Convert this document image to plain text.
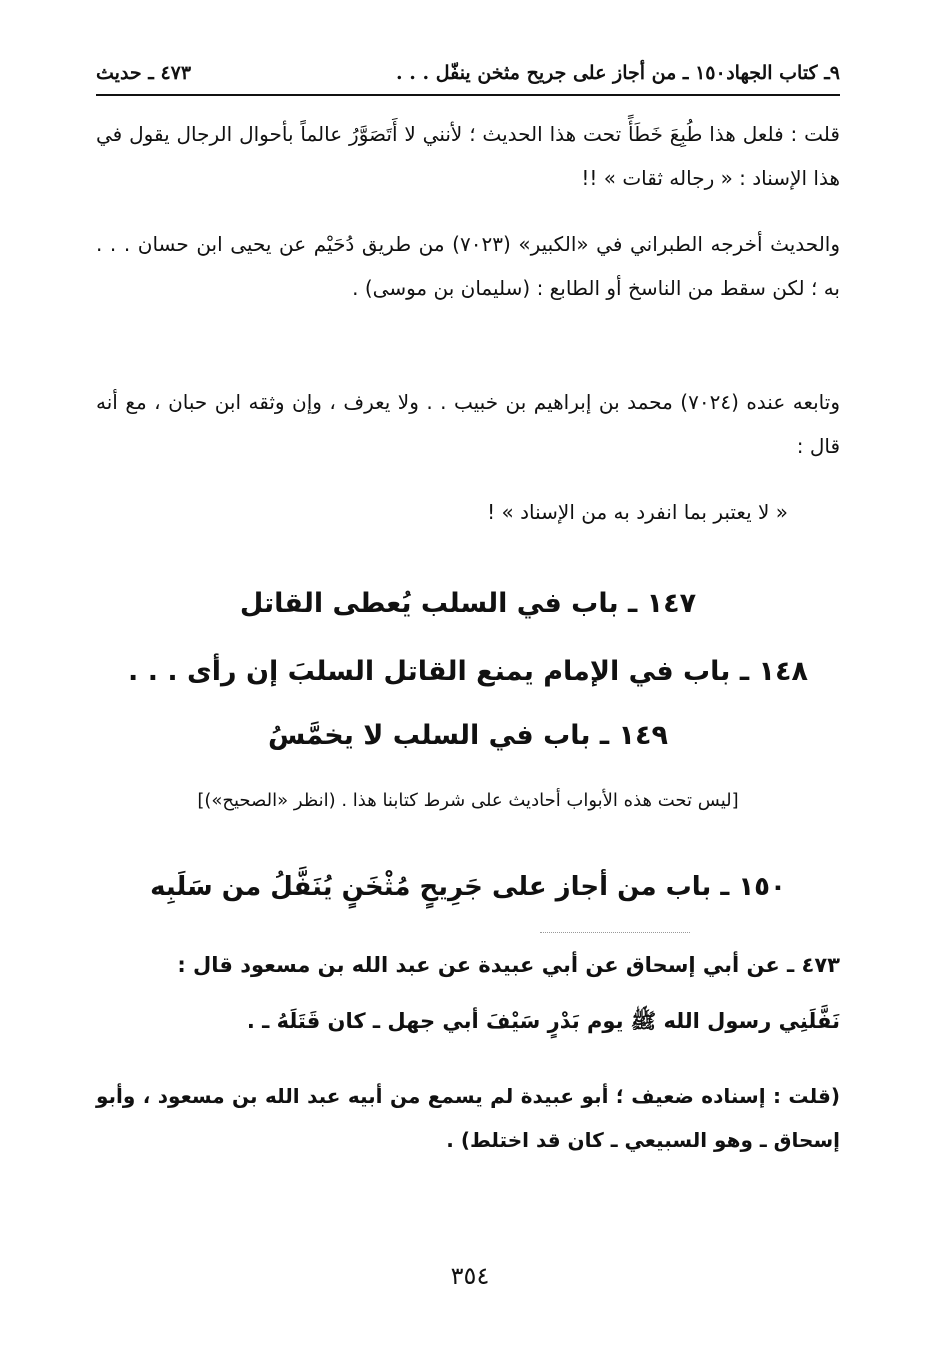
٩ـ كتاب الجهاد
١٥٠ ـ من أجاز على جريح مثخن ينفّل . . .
٤٧٣ ـ حديث
قلت : فلعل هذا طُبِعَ خَطَأً تحت هذا الحديث ؛ لأنني لا أَتَصَوَّرُ عالماً بأحوال الرجال يقول في هذا الإسناد : « رجاله ثقات » !!
والحديث أخرجه الطبراني في «الكبير» (٧٠٢٣) من طريق دُحَيْم عن يحيى ابن حسان . . . به ؛ لكن سقط من الناسخ أو الطابع : (سليمان بن موسى) .
وتابعه عنده (٧٠٢٤) محمد بن إبراهيم بن خبيب . . ولا يعرف ، وإن وثقه ابن حبان ، مع أنه قال :
« لا يعتبر بما انفرد به من الإسناد » !
١٤٧ ـ باب في السلب يُعطى القاتل
١٤٨ ـ باب في الإمام يمنع القاتل السلبَ إن رأى . . .
١٤٩ ـ باب في السلب لا يخمَّسُ
[ليس تحت هذه الأبواب أحاديث على شرط كتابنا هذا . (انظر «الصحيح»)]
١٥٠ ـ باب من أجاز على جَرِيحٍ مُثْخَنٍ يُنَفَّلُ من سَلَبِه
٤٧٣ ـ عن أبي إسحاق عن أبي عبيدة عن عبد الله بن مسعود قال :
نَفَّلَنِي رسول الله ﷺ يوم بَدْرٍ سَيْفَ أبي جهل ـ كان قَتَلَهُ ـ .
(قلت : إسناده ضعيف ؛ أبو عبيدة لم يسمع من أبيه عبد الله بن مسعود ، وأبو إسحاق ـ وهو السبيعي ـ كان قد اختلط) .
٣٥٤
